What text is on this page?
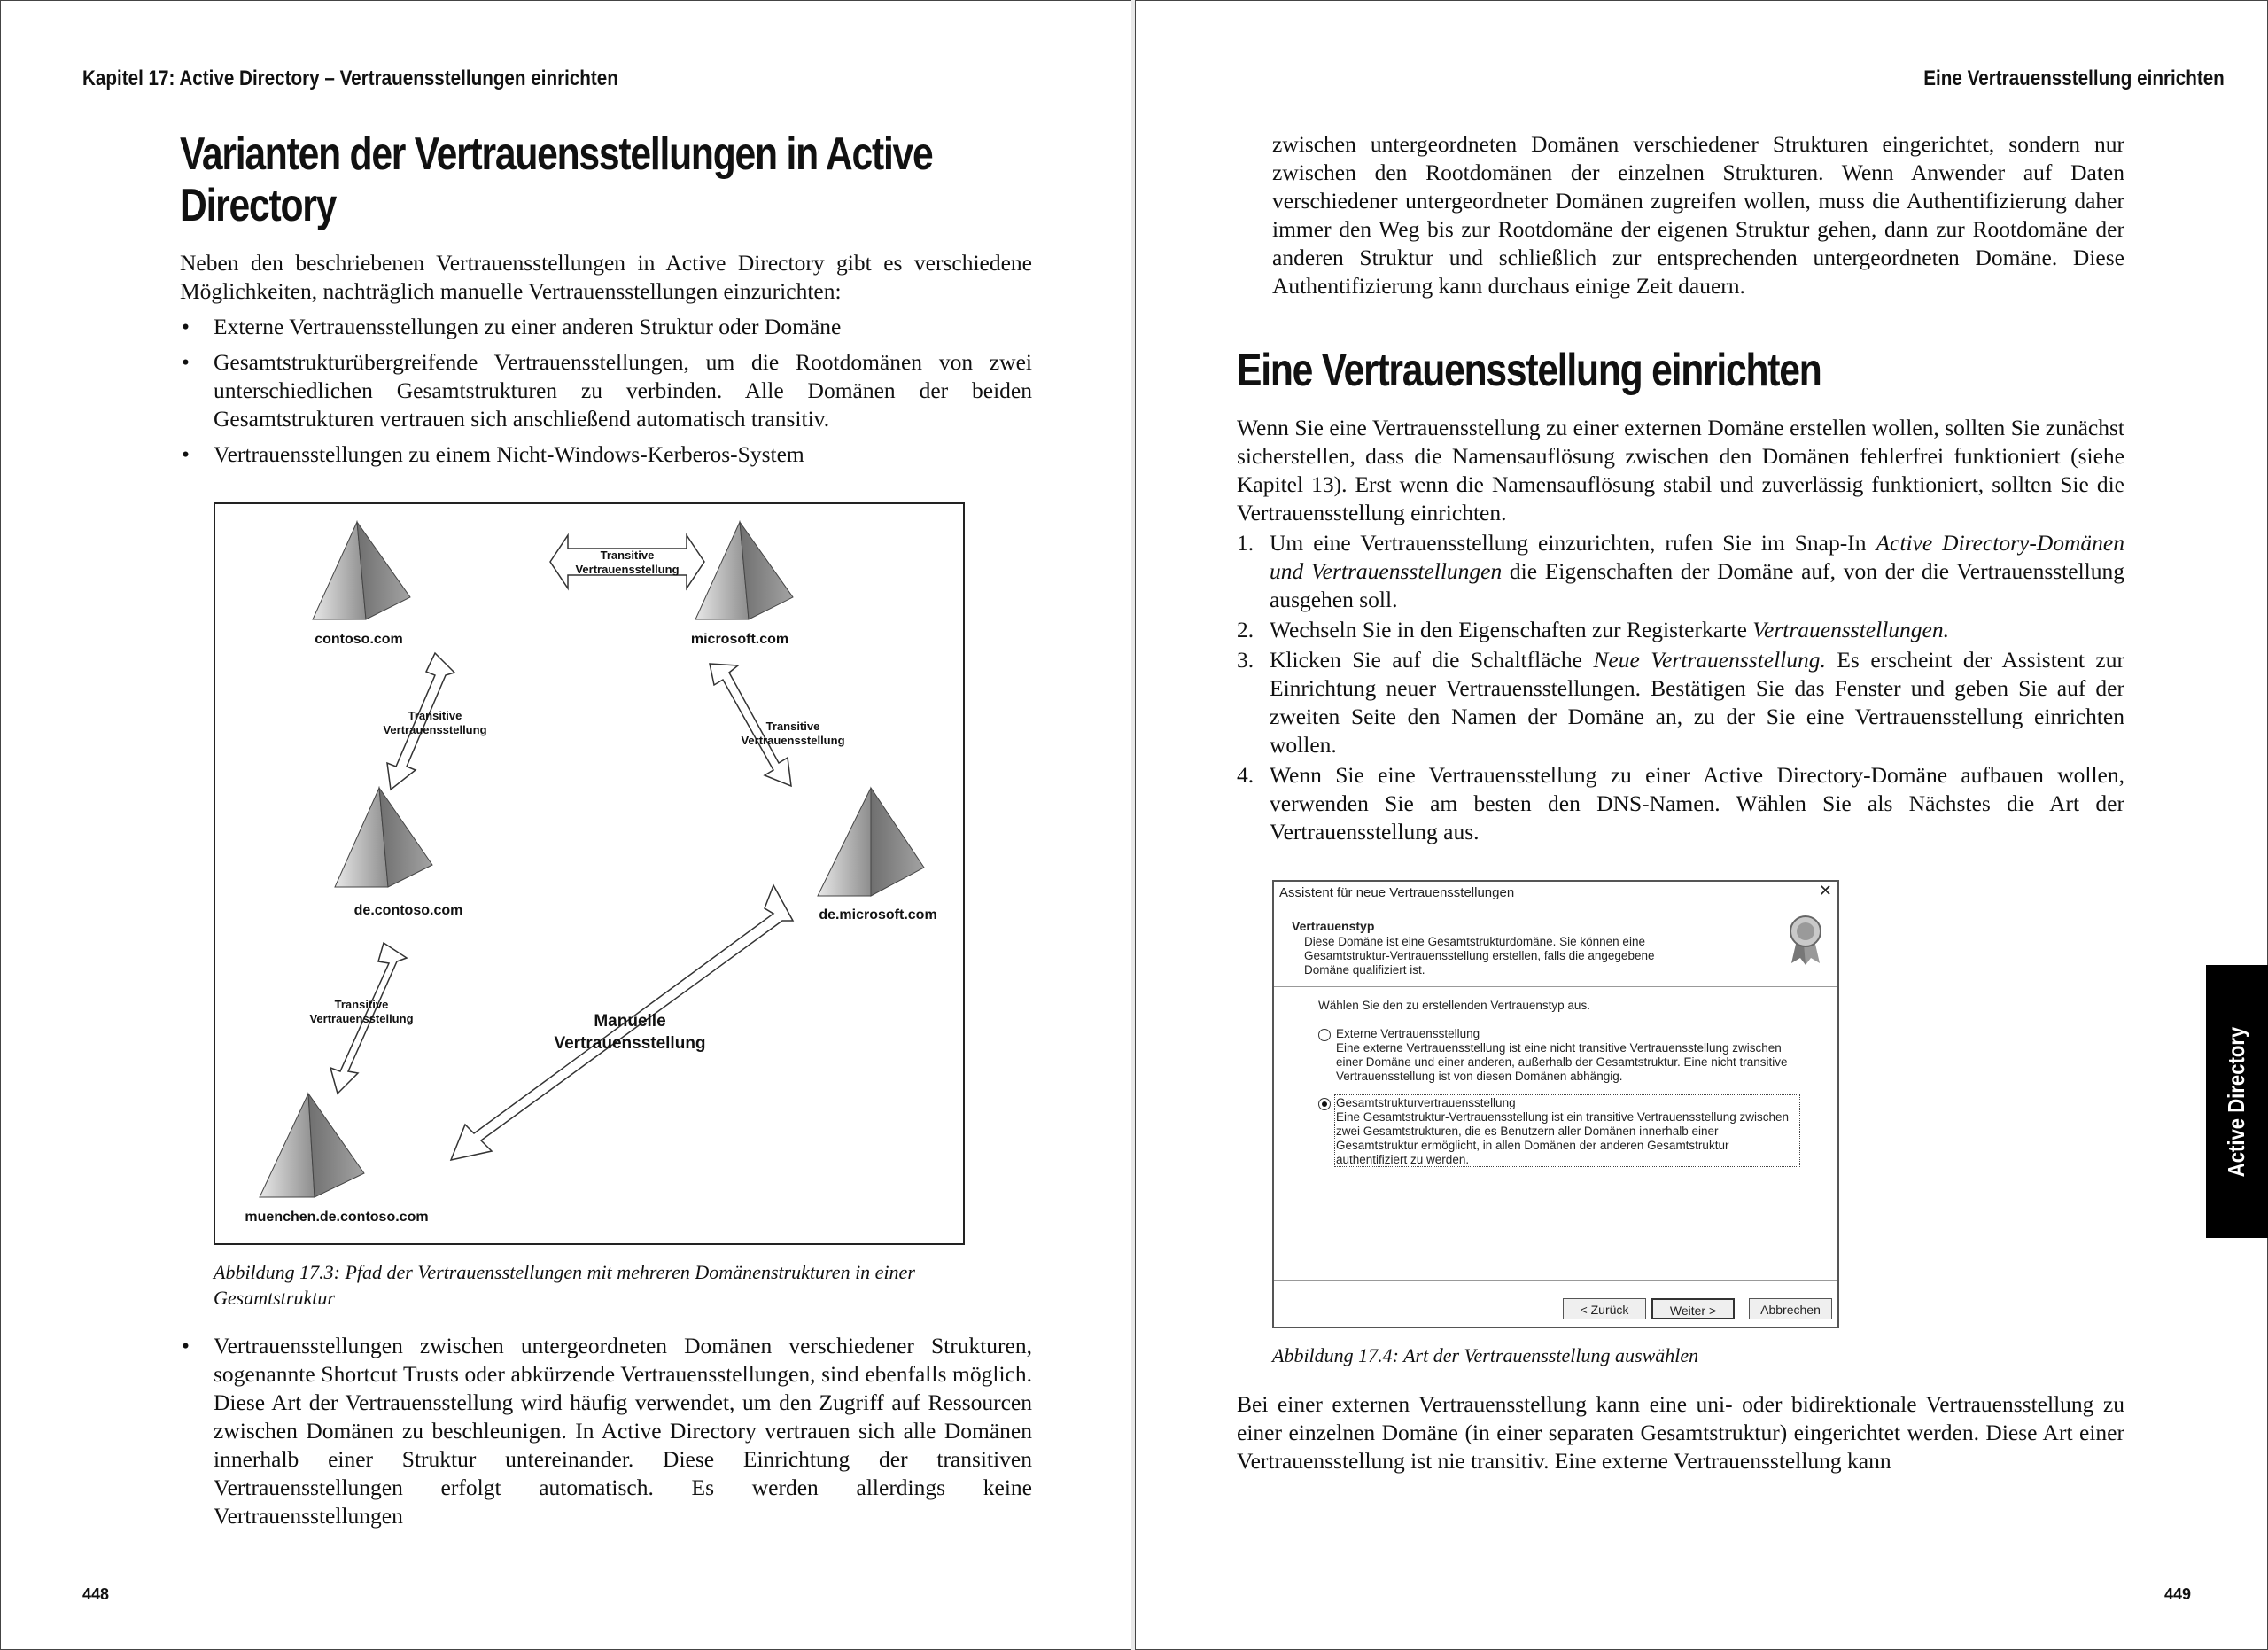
Kapitel 17: Active Directory – Vertrauensstellungen einrichten
Varianten der Vertrauensstellungen in Active
Directory
Neben den beschriebenen Vertrauensstellungen in Active Directory gibt es verschiedene Möglichkeiten, nachträglich manuelle Vertrauensstellungen einzurichten:
• Externe Vertrauensstellungen zu einer anderen Struktur oder Domäne
• Gesamtstrukturübergreifende Vertrauensstellungen, um die Rootdomänen von zwei unterschiedlichen Gesamtstrukturen zu verbinden. Alle Domänen der beiden Gesamtstrukturen vertrauen sich anschließend automatisch transitiv.
• Vertrauensstellungen zu einem Nicht-Windows-Kerberos-System
Transitive
Vertrauensstellung
contoso.com	microsoft.com
Transitive
Vertrauensstellung	Transitive
Vertrauensstellung
de.contoso.com	de.microsoft.com
Transitive
Vertrauensstellung	Manuelle
Vertrauensstellung
muenchen.de.contoso.com
Abbildung 17.3: Pfad der Vertrauensstellungen mit mehreren Domänenstrukturen in einer Gesamtstruktur
• Vertrauensstellungen zwischen untergeordneten Domänen verschiedener Strukturen, sogenannte Shortcut Trusts oder abkürzende Vertrauensstellungen, sind ebenfalls möglich. Diese Art der Vertrauensstellung wird häufig verwendet, um den Zugriff auf Ressourcen zwischen Domänen zu beschleunigen. In Active Directory vertrauen sich alle Domänen innerhalb einer Struktur untereinander. Diese Einrichtung der transitiven Vertrauensstellungen erfolgt automatisch. Es werden allerdings keine Vertrauensstellungen
448
Eine Vertrauensstellung einrichten
zwischen untergeordneten Domänen verschiedener Strukturen eingerichtet, sondern nur zwischen den Rootdomänen der einzelnen Strukturen. Wenn Anwender auf Daten verschiedener untergeordneter Domänen zugreifen wollen, muss die Authentifizierung daher immer den Weg bis zur Rootdomäne der eigenen Struktur gehen, dann zur Rootdomäne der anderen Struktur und schließlich zur entsprechenden untergeordneten Domäne. Diese Authentifizierung kann durchaus einige Zeit dauern.
Eine Vertrauensstellung einrichten
Wenn Sie eine Vertrauensstellung zu einer externen Domäne erstellen wollen, sollten Sie zunächst sicherstellen, dass die Namensauflösung zwischen den Domänen fehlerfrei funktioniert (siehe Kapitel 13). Erst wenn die Namensauflösung stabil und zuverlässig funktioniert, sollten Sie die Vertrauensstellung einrichten.
1. Um eine Vertrauensstellung einzurichten, rufen Sie im Snap-In Active Directory-Domänen und Vertrauensstellungen die Eigenschaften der Domäne auf, von der die Vertrauensstellung ausgehen soll.
2. Wechseln Sie in den Eigenschaften zur Registerkarte Vertrauensstellungen.
3. Klicken Sie auf die Schaltfläche Neue Vertrauensstellung. Es erscheint der Assistent zur Einrichtung neuer Vertrauensstellungen. Bestätigen Sie das Fenster und geben Sie auf der zweiten Seite den Namen der Domäne an, zu der Sie eine Vertrauensstellung einrichten wollen.
4. Wenn Sie eine Vertrauensstellung zu einer Active Directory-Domäne aufbauen wollen, verwenden Sie am besten den DNS-Namen. Wählen Sie als Nächstes die Art der Vertrauensstellung aus.
Assistent für neue Vertrauensstellungen	✕
Vertrauenstyp
Diese Domäne ist eine Gesamtstrukturdomäne. Sie können eine Gesamtstruktur-Vertrauensstellung erstellen, falls die angegebene Domäne qualifiziert ist.
Wählen Sie den zu erstellenden Vertrauenstyp aus.
Externe Vertrauensstellung
Eine externe Vertrauensstellung ist eine nicht transitive Vertrauensstellung zwischen einer Domäne und einer anderen, außerhalb der Gesamtstruktur. Eine nicht transitive Vertrauensstellung ist von diesen Domänen abhängig.
Gesamtstrukturvertrauensstellung
Eine Gesamtstruktur-Vertrauensstellung ist ein transitive Vertrauensstellung zwischen zwei Gesamtstrukturen, die es Benutzern aller Domänen innerhalb einer Gesamtstruktur ermöglicht, in allen Domänen der anderen Gesamtstruktur authentifiziert zu werden.
< Zurück	Weiter >	Abbrechen
Abbildung 17.4: Art der Vertrauensstellung auswählen
Bei einer externen Vertrauensstellung kann eine uni- oder bidirektionale Vertrauensstellung zu einer einzelnen Domäne (in einer separaten Gesamtstruktur) eingerichtet werden. Diese Art einer Vertrauensstellung ist nie transitiv. Eine externe Vertrauensstellung kann
Active Directory
449
